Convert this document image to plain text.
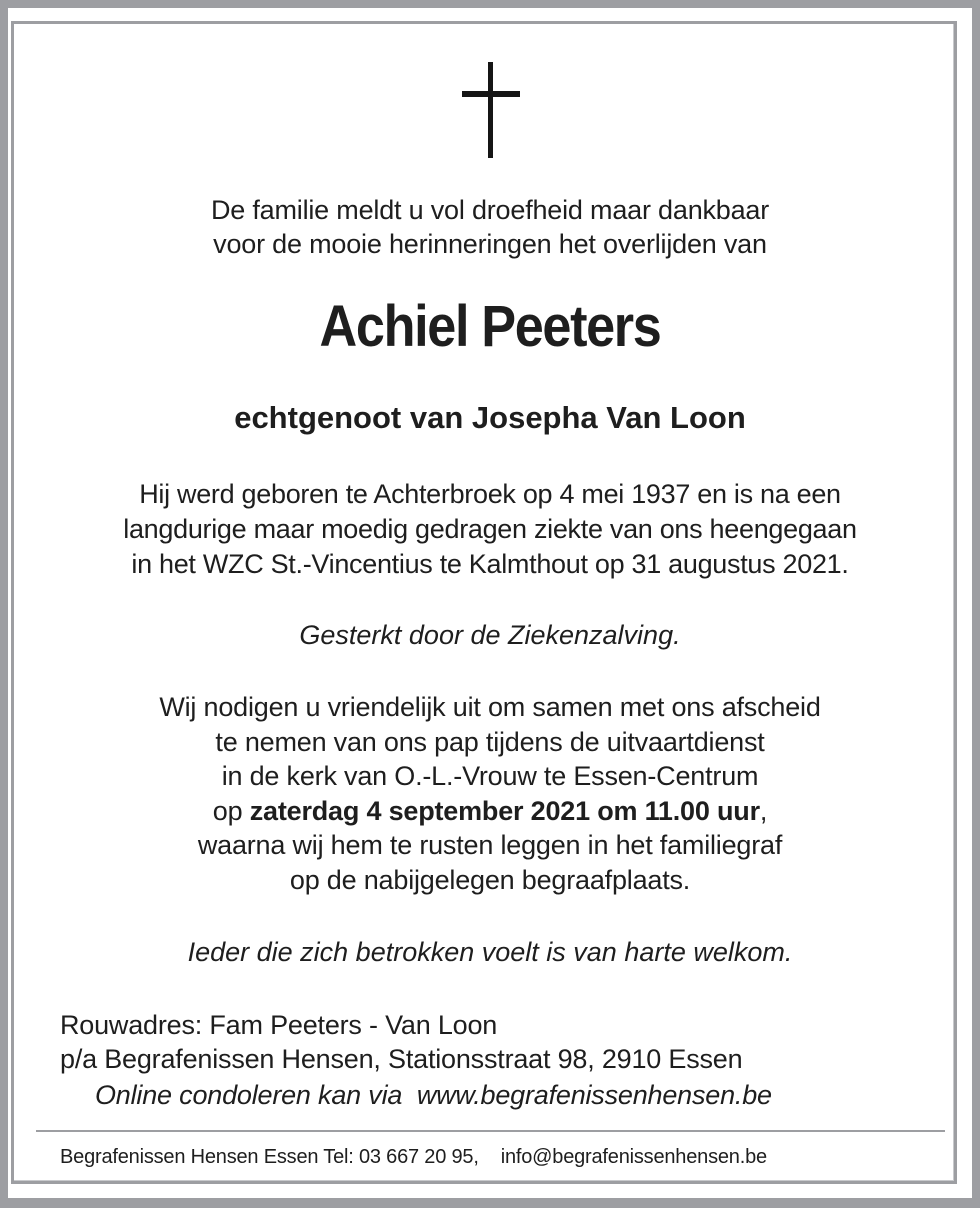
De familie meldt u vol droefheid maar dankbaar
voor de mooie herinneringen het overlijden van
Achiel Peeters
echtgenoot van Josepha Van Loon
Hij werd geboren te Achterbroek op 4 mei 1937 en is na een
langdurige maar moedig gedragen ziekte van ons heengegaan
in het WZC St.-Vincentius te Kalmthout op 31 augustus 2021.
Gesterkt door de Ziekenzalving.
Wij nodigen u vriendelijk uit om samen met ons afscheid
te nemen van ons pap tijdens de uitvaartdienst
in de kerk van O.-L.-Vrouw te Essen-Centrum
op zaterdag 4 september 2021 om 11.00 uur,
waarna wij hem te rusten leggen in het familiegraf
op de nabijgelegen begraafplaats.
Ieder die zich betrokken voelt is van harte welkom.
Rouwadres: Fam Peeters - Van Loon
p/a Begrafenissen Hensen, Stationsstraat 98, 2910 Essen
Online condoleren kan via www.begrafenissenhensen.be
Begrafenissen Hensen Essen Tel: 03 667 20 95, info@begrafenissenhensen.be
